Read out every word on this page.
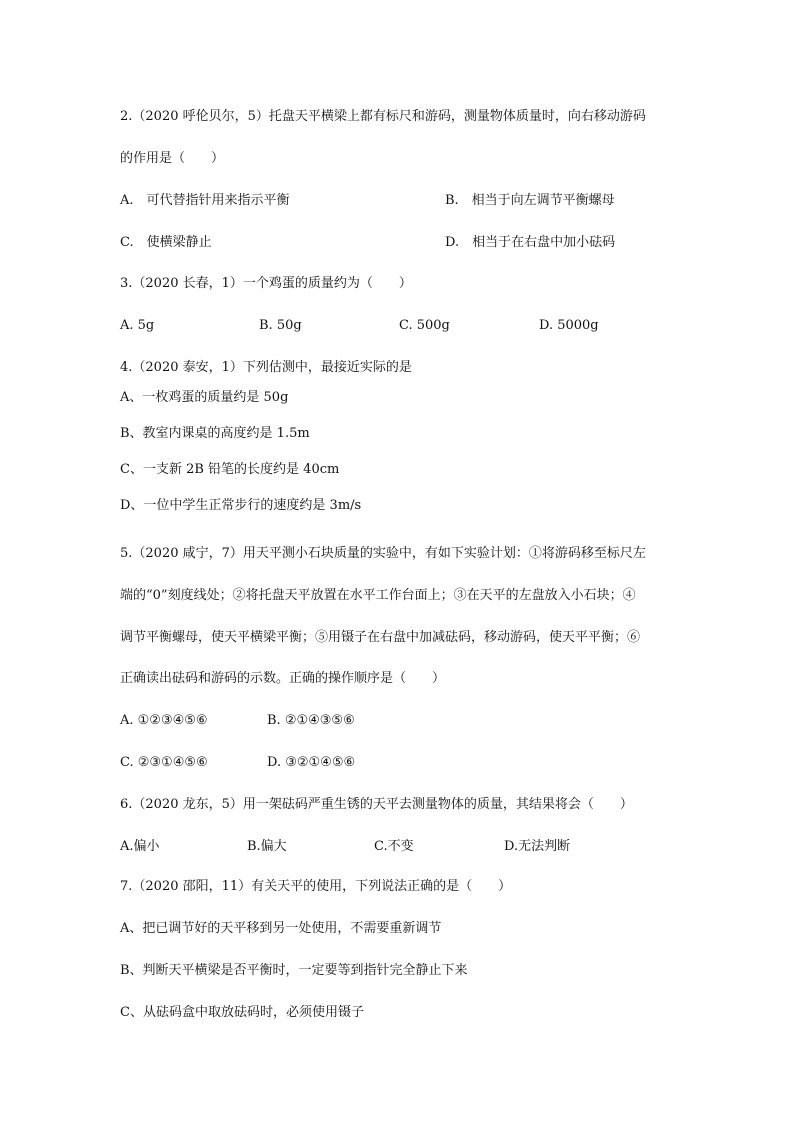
2.（2020 呼伦贝尔，5）托盘天平横梁上都有标尺和游码，测量物体质量时，向右移动游码
的作用是（　　）
A.　可代替指针用来指示平衡	B.　相当于向左调节平衡螺母
C.　使横梁静止	D.　相当于在右盘中加小砝码
3.（2020 长春，1）一个鸡蛋的质量约为（　　）
A. 5g	B. 50g	C. 500g	D. 5000g
4.（2020 泰安，1）下列估测中，最接近实际的是
A、一枚鸡蛋的质量约是 50g
B、教室内课桌的高度约是 1.5m
C、一支新 2B 铅笔的长度约是 40cm
D、一位中学生正常步行的速度约是 3m/s
5.（2020 咸宁，7）用天平测小石块质量的实验中，有如下实验计划：①将游码移至标尺左
端的“0”刻度线处；②将托盘天平放置在水平工作台面上；③在天平的左盘放入小石块；④
调节平衡螺母，使天平横梁平衡；⑤用镊子在右盘中加减砝码，移动游码，使天平平衡；⑥
正确读出砝码和游码的示数。正确的操作顺序是（　　）
A. ①②③④⑤⑥	B. ②①④③⑤⑥
C. ②③①④⑤⑥	D. ③②①④⑤⑥
6.（2020 龙东，5）用一架砝码严重生锈的天平去测量物体的质量，其结果将会（　　）
A.偏小	B.偏大	C.不变	D.无法判断
7.（2020 邵阳，11）有关天平的使用，下列说法正确的是（　　）
A、把已调节好的天平移到另一处使用，不需要重新调节
B、判断天平横梁是否平衡时，一定要等到指针完全静止下来
C、从砝码盒中取放砝码时，必须使用镊子
